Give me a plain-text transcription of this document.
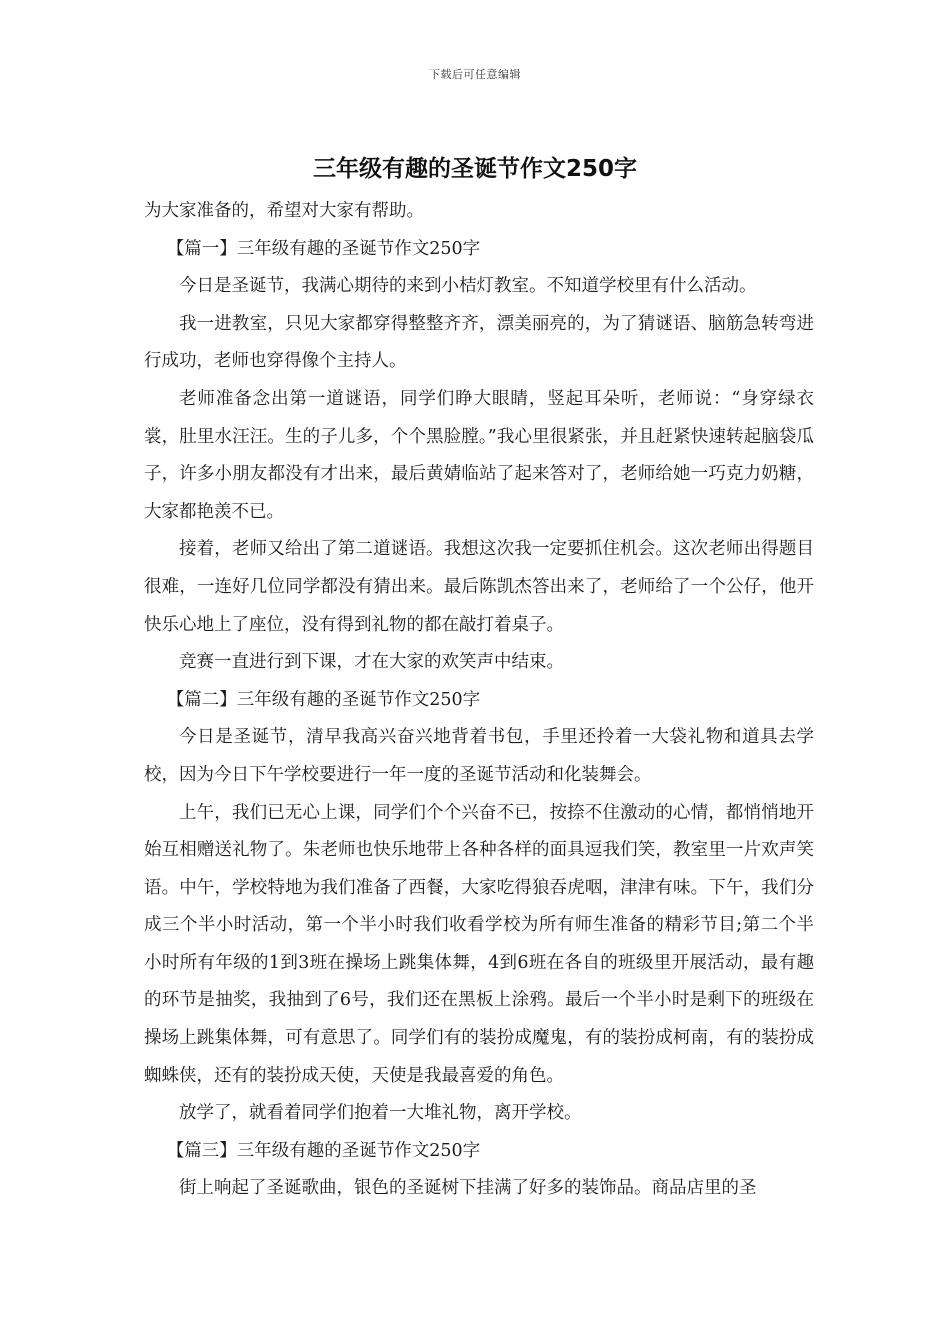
下载后可任意编辑
三年级有趣的圣诞节作文250字

为大家准备的，希望对大家有帮助。

【篇一】三年级有趣的圣诞节作文250字

今日是圣诞节，我满心期待的来到小桔灯教室。不知道学校里有什么活动。

我一进教室，只见大家都穿得整整齐齐，漂美丽亮的，为了猜谜语、脑筋急转弯进行成功，老师也穿得像个主持人。

老师准备念出第一道谜语，同学们睁大眼睛，竖起耳朵听，老师说：“身穿绿衣裳，肚里水汪汪。生的子儿多，个个黑脸膛。”我心里很紧张，并且赶紧快速转起脑袋瓜子，许多小朋友都没有才出来，最后黄婧临站了起来答对了，老师给她一巧克力奶糖，大家都艳羡不已。

接着，老师又给出了第二道谜语。我想这次我一定要抓住机会。这次老师出得题目很难，一连好几位同学都没有猜出来。最后陈凯杰答出来了，老师给了一个公仔，他开快乐心地上了座位，没有得到礼物的都在敲打着桌子。

竞赛一直进行到下课，才在大家的欢笑声中结束。

【篇二】三年级有趣的圣诞节作文250字

今日是圣诞节，清早我高兴奋兴地背着书包，手里还拎着一大袋礼物和道具去学校，因为今日下午学校要进行一年一度的圣诞节活动和化装舞会。

上午，我们已无心上课，同学们个个兴奋不已，按捺不住激动的心情，都悄悄地开始互相赠送礼物了。朱老师也快乐地带上各种各样的面具逗我们笑，教室里一片欢声笑语。中午，学校特地为我们准备了西餐，大家吃得狼吞虎咽，津津有味。下午，我们分成三个半小时活动，第一个半小时我们收看学校为所有师生准备的精彩节目;第二个半小时所有年级的1到3班在操场上跳集体舞，4到6班在各自的班级里开展活动，最有趣的环节是抽奖，我抽到了6号，我们还在黑板上涂鸦。最后一个半小时是剩下的班级在操场上跳集体舞，可有意思了。同学们有的装扮成魔鬼，有的装扮成柯南，有的装扮成蜘蛛侠，还有的装扮成天使，天使是我最喜爱的角色。

放学了，就看着同学们抱着一大堆礼物，离开学校。

【篇三】三年级有趣的圣诞节作文250字

街上响起了圣诞歌曲，银色的圣诞树下挂满了好多的装饰品。商品店里的圣
